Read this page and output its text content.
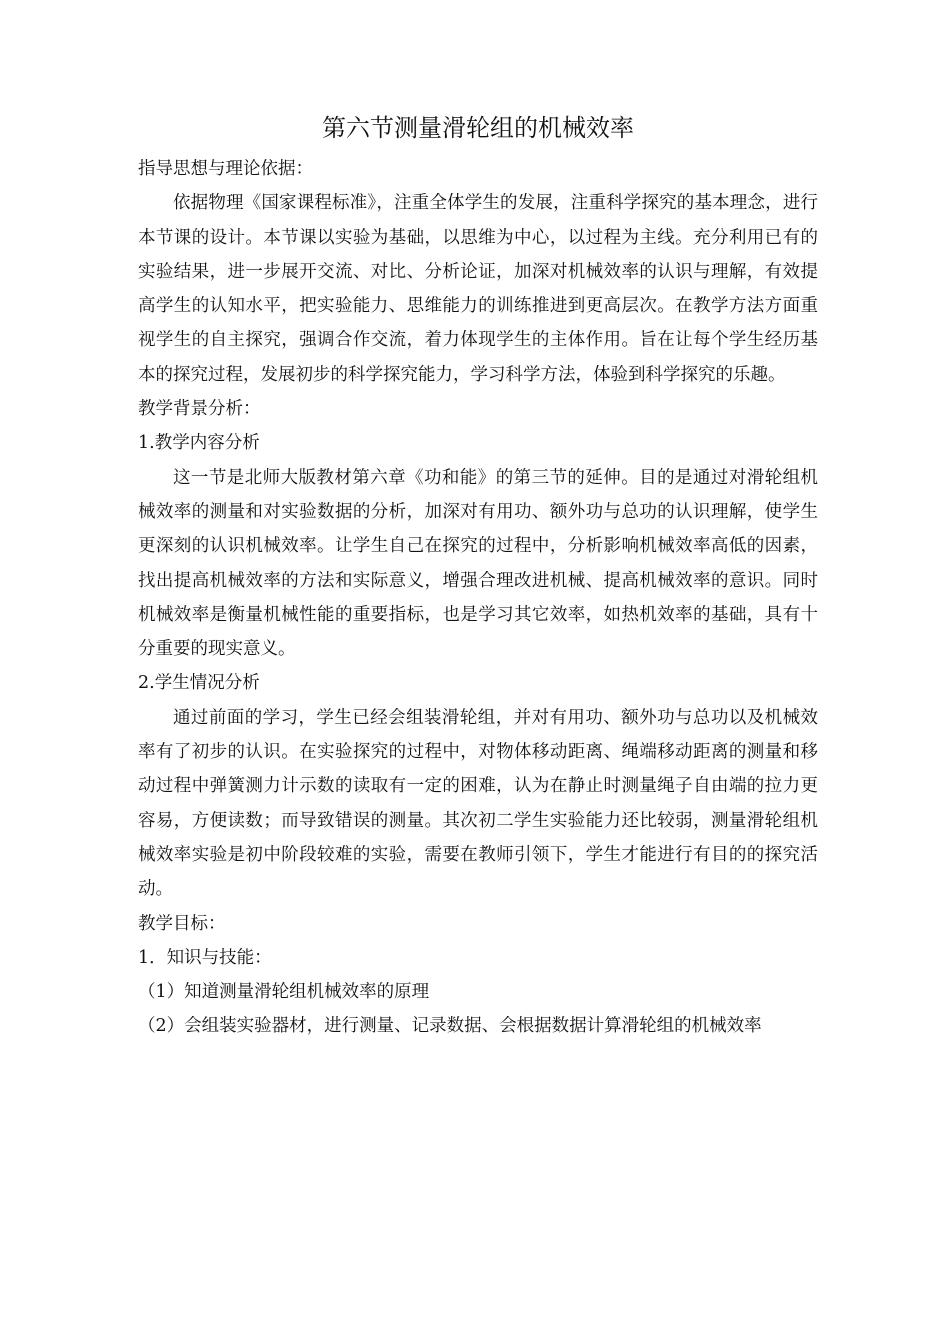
第六节测量滑轮组的机械效率

指导思想与理论依据：

依据物理《国家课程标准》，注重全体学生的发展，注重科学探究的基本理念，进行本节课的设计。本节课以实验为基础，以思维为中心，以过程为主线。充分利用已有的实验结果，进一步展开交流、对比、分析论证，加深对机械效率的认识与理解，有效提高学生的认知水平，把实验能力、思维能力的训练推进到更高层次。在教学方法方面重视学生的自主探究，强调合作交流，着力体现学生的主体作用。旨在让每个学生经历基本的探究过程，发展初步的科学探究能力，学习科学方法，体验到科学探究的乐趣。

教学背景分析：

1.教学内容分析

这一节是北师大版教材第六章《功和能》的第三节的延伸。目的是通过对滑轮组机械效率的测量和对实验数据的分析，加深对有用功、额外功与总功的认识理解，使学生更深刻的认识机械效率。让学生自己在探究的过程中，分析影响机械效率高低的因素，找出提高机械效率的方法和实际意义，增强合理改进机械、提高机械效率的意识。同时机械效率是衡量机械性能的重要指标，也是学习其它效率，如热机效率的基础，具有十分重要的现实意义。

2.学生情况分析

通过前面的学习，学生已经会组装滑轮组，并对有用功、额外功与总功以及机械效率有了初步的认识。在实验探究的过程中，对物体移动距离、绳端移动距离的测量和移动过程中弹簧测力计示数的读取有一定的困难，认为在静止时测量绳子自由端的拉力更容易，方便读数；而导致错误的测量。其次初二学生实验能力还比较弱，测量滑轮组机械效率实验是初中阶段较难的实验，需要在教师引领下，学生才能进行有目的的探究活动。

教学目标：

1．知识与技能：

（1）知道测量滑轮组机械效率的原理

（2）会组装实验器材，进行测量、记录数据、会根据数据计算滑轮组的机械效率
